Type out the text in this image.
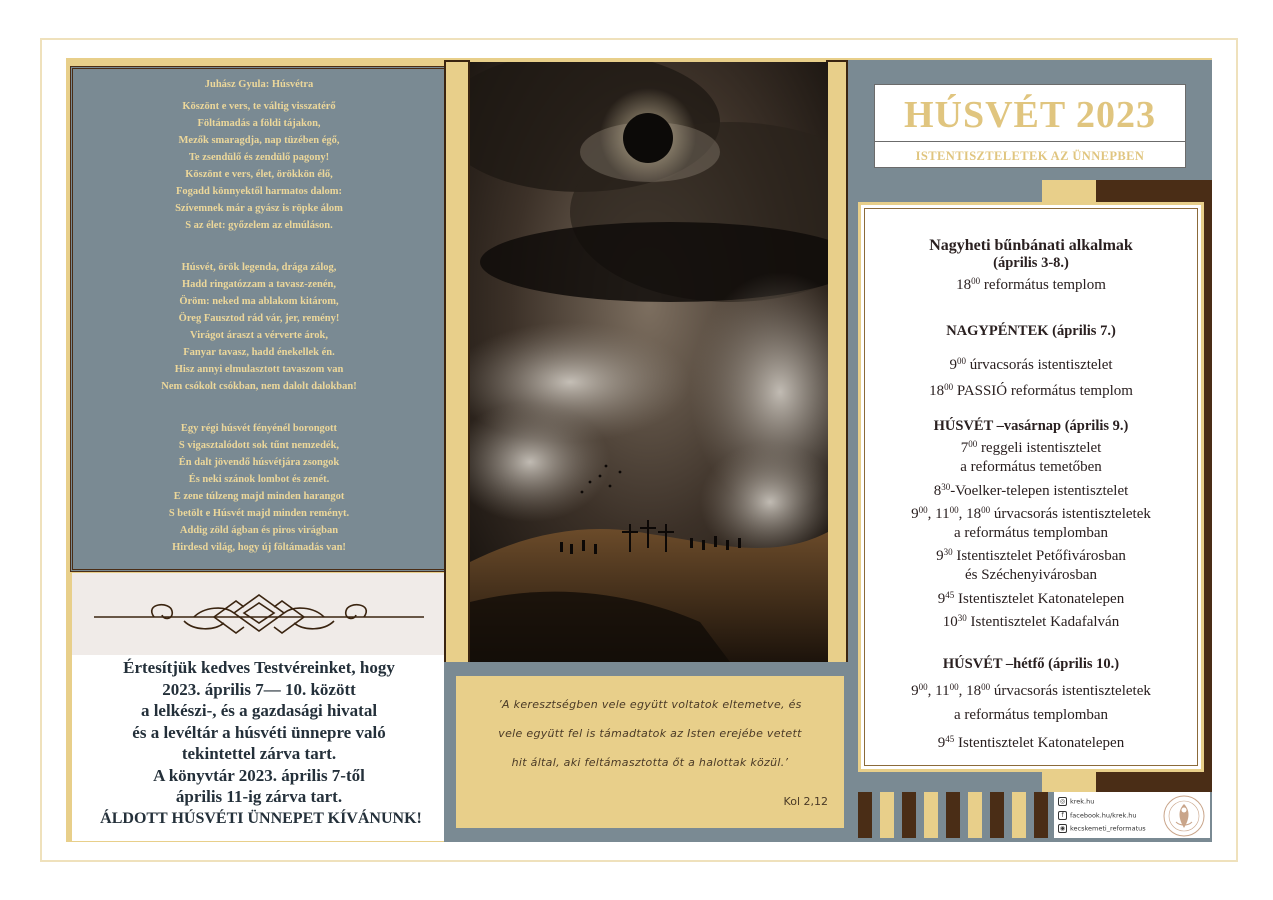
Juhász Gyula: Húsvétra
Köszönt e vers, te váltig visszatérő
Föltámadás a földi tájakon,
Mezők smaragdja, nap tüzében égő,
Te zsendülő és zendülő pagony!
Köszönt e vers, élet, örökkön élő,
Fogadd könnyektől harmatos dalom:
Szívemnek már a gyász is röpke álom
S az élet: győzelem az elmúláson.
Húsvét, örök legenda, drága zálog,
Hadd ringatózzam a tavasz-zenén,
Öröm: neked ma ablakom kitárom,
Öreg Fausztod rád vár, jer, remény!
Virágot áraszt a vérverte árok,
Fanyar tavasz, hadd énekellek én.
Hisz annyi elmulasztott tavaszom van
Nem csókolt csókban, nem dalolt dalokban!
Egy régi húsvét fényénél borongott
S vigasztalódott sok tűnt nemzedék,
Én dalt jövendő húsvétjára zsongok
És neki szánok lombot és zenét.
E zene túlzeng majd minden harangot
S betölt e Húsvét majd minden reményt.
Addig zöld ágban és piros virágban
Hirdesd világ, hogy új föltámadás van!
Értesítjük kedves Testvéreinket, hogy
2023. április 7— 10. között
a lelkészi-, és a gazdasági hivatal
és a levéltár a húsvéti ünnepre való
tekintettel zárva tart.
A könyvtár 2023. április 7-től
április 11-ig zárva tart.
ÁLDOTT HÚSVÉTI ÜNNEPET KÍVÁNUNK!
’A keresztségben vele együtt voltatok eltemetve, és
vele együtt fel is támadtatok az Isten erejébe vetett
hit által, aki feltámasztotta őt a halottak közül.’
Kol 2,12
HÚSVÉT 2023
ISTENTISZTELETEK AZ ÜNNEPBEN
Nagyheti bűnbánati alkalmak
(április 3-8.)
$18^{00}$ református templom
NAGYPÉNTEK (április 7.)
$9^{00}$ úrvacsorás istentisztelet
$18^{00}$ PASSIÓ református templom
HÚSVÉT –vasárnap (április 9.)
$7^{00}$ reggeli istentisztelet
a református temetőben
$8^{30}-Voelker$-telepen istentisztelet
$9^{00}$, $11^{00}$, $18^{00}$ úrvacsorás istentiszteletek
a református templomban
$9^{30}$ Istentisztelet Petőfivárosban
és Széchenyivárosban
$9^{45}$ Istentisztelet Katonatelepen
$10^{30}$ Istentisztelet Kadafalván
HÚSVÉT –hétfő (április 10.)
$9^{00}$, $11^{00}$, $18^{00}$ úrvacsorás istentiszteletek
a református templomban
$9^{45}$ Istentisztelet Katonatelepen
◎ krek.hu
f facebook.hu/krek.hu
◉ kecskemeti_reformatus
